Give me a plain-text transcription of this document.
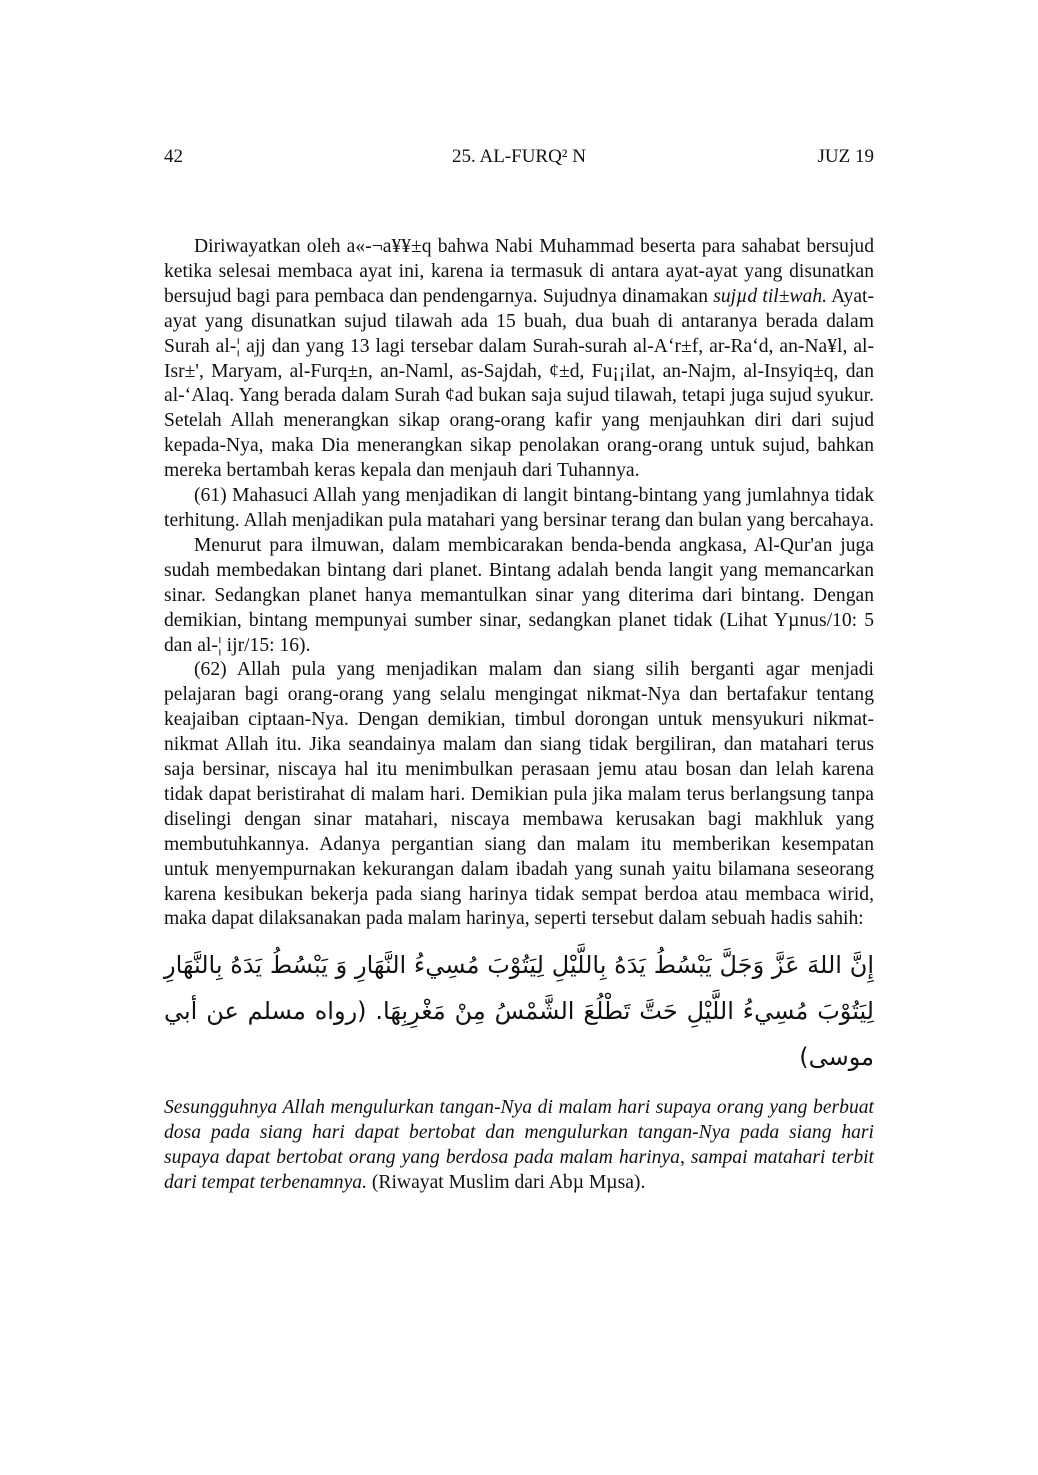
42	25. AL-FURQ² N	JUZ 19

Diriwayatkan oleh a«-¬a¥¥±q bahwa Nabi Muhammad beserta para sahabat bersujud ketika selesai membaca ayat ini, karena ia termasuk di antara ayat-ayat yang disunatkan bersujud bagi para pembaca dan pendengarnya. Sujudnya dinamakan sujµd til±wah. Ayat-ayat yang disunatkan sujud tilawah ada 15 buah, dua buah di antaranya berada dalam Surah al-¦ ajj dan yang 13 lagi tersebar dalam Surah-surah al-A‘r±f, ar-Ra‘d, an-Na¥l, al-Isr±', Maryam, al-Furq±n, an-Naml, as-Sajdah, ¢±d, Fu¡¡ilat, an-Najm, al-Insyiq±q, dan al-‘Alaq. Yang berada dalam Surah ¢ad bukan saja sujud tilawah, tetapi juga sujud syukur. Setelah Allah menerangkan sikap orang-orang kafir yang menjauhkan diri dari sujud kepada-Nya, maka Dia menerangkan sikap penolakan orang-orang untuk sujud, bahkan mereka bertambah keras kepala dan menjauh dari Tuhannya.

(61) Mahasuci Allah yang menjadikan di langit bintang-bintang yang jumlahnya tidak terhitung. Allah menjadikan pula matahari yang bersinar terang dan bulan yang bercahaya.

Menurut para ilmuwan, dalam membicarakan benda-benda angkasa, Al-Qur'an juga sudah membedakan bintang dari planet. Bintang adalah benda langit yang memancarkan sinar. Sedangkan planet hanya memantulkan sinar yang diterima dari bintang. Dengan demikian, bintang mempunyai sumber sinar, sedangkan planet tidak (Lihat Yµnus/10: 5 dan al-¦ ijr/15: 16).

(62) Allah pula yang menjadikan malam dan siang silih berganti agar menjadi pelajaran bagi orang-orang yang selalu mengingat nikmat-Nya dan bertafakur tentang keajaiban ciptaan-Nya. Dengan demikian, timbul dorongan untuk mensyukuri nikmat-nikmat Allah itu. Jika seandainya malam dan siang tidak bergiliran, dan matahari terus saja bersinar, niscaya hal itu menimbulkan perasaan jemu atau bosan dan lelah karena tidak dapat beristirahat di malam hari. Demikian pula jika malam terus berlangsung tanpa diselingi dengan sinar matahari, niscaya membawa kerusakan bagi makhluk yang membutuhkannya. Adanya pergantian siang dan malam itu memberikan kesempatan untuk menyempurnakan kekurangan dalam ibadah yang sunah yaitu bilamana seseorang karena kesibukan bekerja pada siang harinya tidak sempat berdoa atau membaca wirid, maka dapat dilaksanakan pada malam harinya, seperti tersebut dalam sebuah hadis sahih:

إِنَّ اللهَ عَزَّ وَجَلَّ يَبْسُطُ يَدَهُ بِاللَّيْلِ لِيَتُوْبَ مُسِيءُ النَّهَارِ وَ يَبْسُطُ يَدَهُ بِالنَّهَارِ لِيَتُوْبَ مُسِيءُ اللَّيْلِ حَتَّ تَطْلُعَ الشَّمْسُ مِنْ مَغْرِبِهَا. (رواه مسلم عن أبي موسى)

Sesungguhnya Allah mengulurkan tangan-Nya di malam hari supaya orang yang berbuat dosa pada siang hari dapat bertobat dan mengulurkan tangan-Nya pada siang hari supaya dapat bertobat orang yang berdosa pada malam harinya, sampai matahari terbit dari tempat terbenamnya. (Riwayat Muslim dari Abµ Mµsa).
